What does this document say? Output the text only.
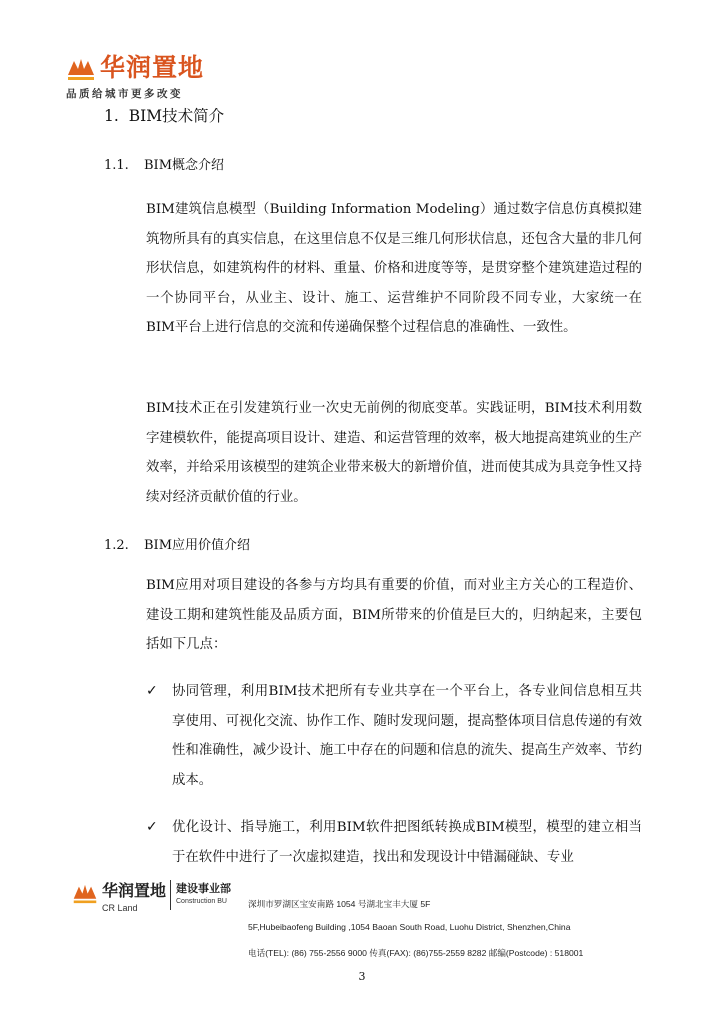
华润置地
品质给城市更多改变
1. BIM技术简介
1.1. BIM概念介绍

BIM建筑信息模型（Building Information Modeling）通过数字信息仿真模拟建筑物所具有的真实信息，在这里信息不仅是三维几何形状信息，还包含大量的非几何形状信息，如建筑构件的材料、重量、价格和进度等等，是贯穿整个建筑建造过程的一个协同平台，从业主、设计、施工、运营维护不同阶段不同专业，大家统一在BIM平台上进行信息的交流和传递确保整个过程信息的准确性、一致性。

BIM技术正在引发建筑行业一次史无前例的彻底变革。实践证明，BIM技术利用数字建模软件，能提高项目设计、建造、和运营管理的效率，极大地提高建筑业的生产效率，并给采用该模型的建筑企业带来极大的新增价值，进而使其成为具竞争性又持续对经济贡献价值的行业。

1.2. BIM应用价值介绍

BIM应用对项目建设的各参与方均具有重要的价值，而对业主方关心的工程造价、建设工期和建筑性能及品质方面，BIM所带来的价值是巨大的，归纳起来，主要包括如下几点：

✓ 协同管理，利用BIM技术把所有专业共享在一个平台上，各专业间信息相互共享使用、可视化交流、协作工作、随时发现问题，提高整体项目信息传递的有效性和准确性，减少设计、施工中存在的问题和信息的流失、提高生产效率、节约成本。
✓ 优化设计、指导施工，利用BIM软件把图纸转换成BIM模型，模型的建立相当于在软件中进行了一次虚拟建造，找出和发现设计中错漏碰缺、专业
华润置地
CR Land
建设事业部
Construction BU	深圳市罗湖区宝安南路 1054 号湖北宝丰大厦 5F
5F,Hubeibaofeng Building ,1054 Baoan South Road, Luohu District, Shenzhen,China
电话(TEL): (86) 755-2556 9000 传真(FAX): (86)755-2559 8282 邮编(Postcode) : 518001
3
